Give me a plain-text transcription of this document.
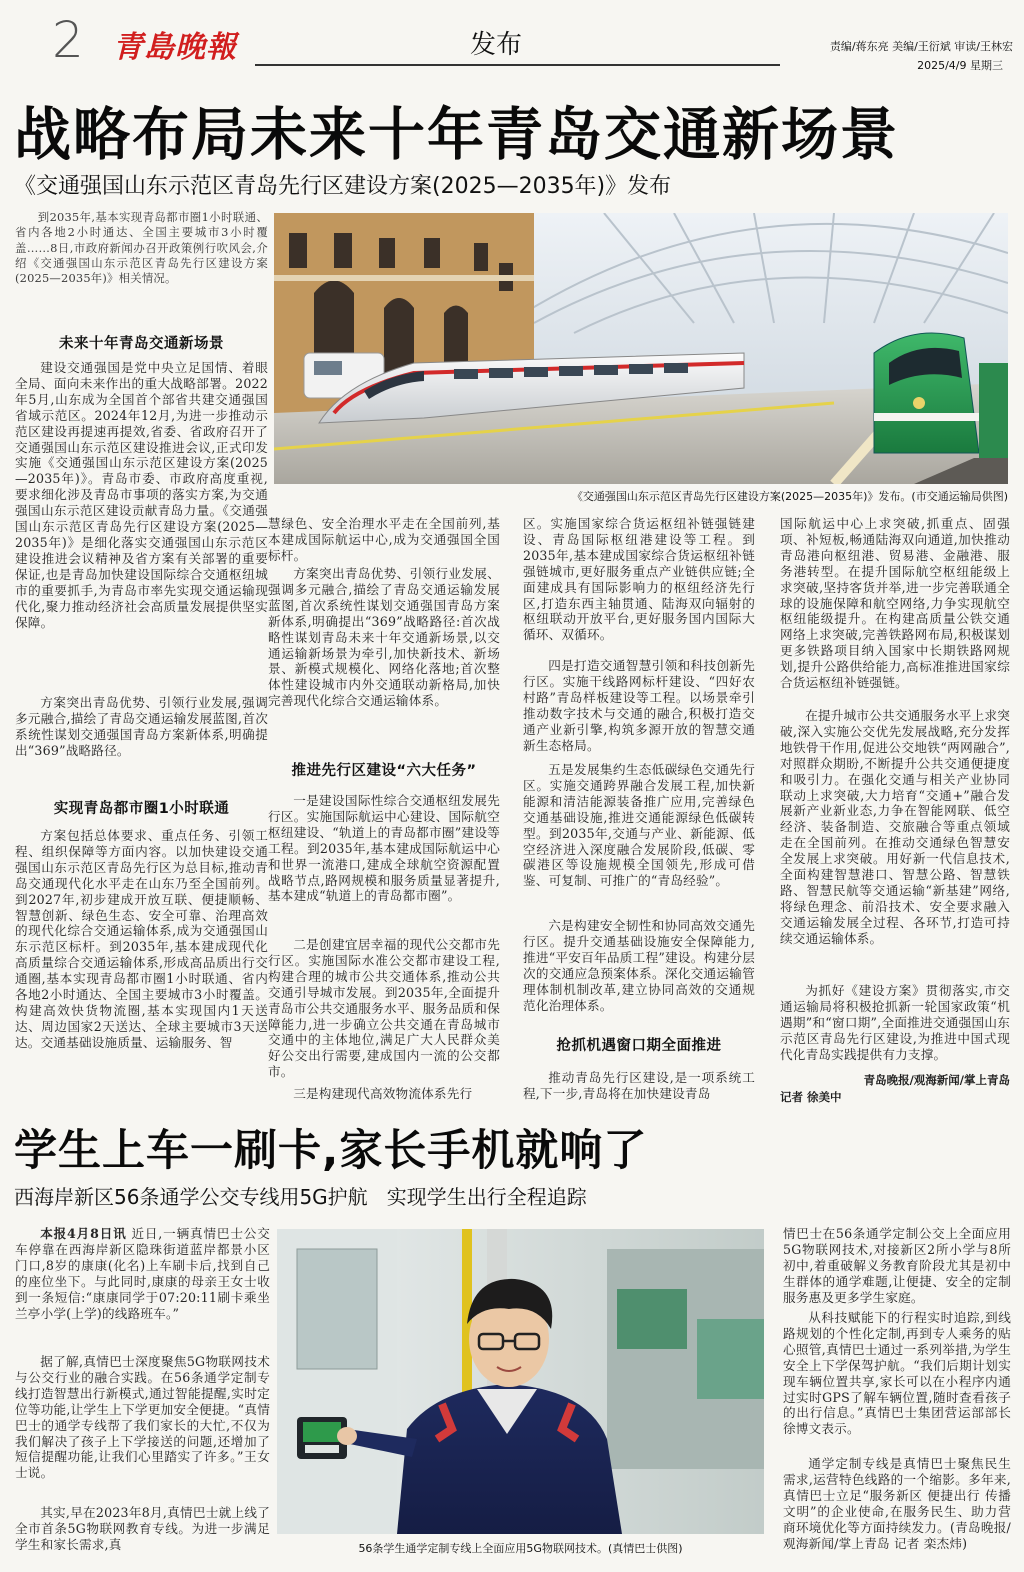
2 青島晚報	发布	责编/蒋东亮 美编/王衍斌 审读/王林宏
2025/4/9 星期三
战略布局未来十年青岛交通新场景
《交通强国山东示范区青岛先行区建设方案(2025—2035年)》发布
到2035年,基本实现青岛都市圈1小时联通、省内各地2小时通达、全国主要城市3小时覆盖……8日,市政府新闻办召开政策例行吹风会,介绍《交通强国山东示范区青岛先行区建设方案(2025—2035年)》相关情况。
未来十年青岛交通新场景
建设交通强国是党中央立足国情、着眼全局、面向未来作出的重大战略部署。2022年5月,山东成为全国首个部省共建交通强国省域示范区。2024年12月,为进一步推动示范区建设再提速再提效,省委、省政府召开了交通强国山东示范区建设推进会议,正式印发实施《交通强国山东示范区建设方案(2025—2035年)》。青岛市委、市政府高度重视,要求细化涉及青岛市事项的落实方案,为交通强国山东示范区建设贡献青岛力量。《交通强国山东示范区青岛先行区建设方案(2025—2035年)》是细化落实交通强国山东示范区建设推进会议精神及省方案有关部署的重要保证,也是青岛加快建设国际综合交通枢纽城市的重要抓手,为青岛市率先实现交通运输现代化,聚力推动经济社会高质量发展提供坚实保障。
方案突出青岛优势、引领行业发展,强调多元融合,描绘了青岛交通运输发展蓝图,首次系统性谋划交通强国青岛方案新体系,明确提出“369”战略路径。
实现青岛都市圈1小时联通
方案包括总体要求、重点任务、引领工程、组织保障等方面内容。以加快建设交通强国山东示范区青岛先行区为总目标,推动青岛交通现代化水平走在山东乃至全国前列。到2027年,初步建成开放互联、便捷顺畅、智慧创新、绿色生态、安全可靠、治理高效的现代化综合交通运输体系,成为交通强国山东示范区标杆。到2035年,基本建成现代化高质量综合交通运输体系,形成高品质出行交通圈,基本实现青岛都市圈1小时联通、省内各地2小时通达、全国主要城市3小时覆盖。构建高效快货物流圈,基本实现国内1天送达、周边国家2天送达、全球主要城市3天送达。交通基础设施质量、运输服务、智
《交通强国山东示范区青岛先行区建设方案(2025—2035年)》发布。(市交通运输局供图)
慧绿色、安全治理水平走在全国前列,基本建成国际航运中心,成为交通强国全国标杆。
方案突出青岛优势、引领行业发展、强调多元融合,描绘了青岛交通运输发展蓝图,首次系统性谋划交通强国青岛方案新体系,明确提出“369”战略路径:首次战略性谋划青岛未来十年交通新场景,以交通运输新场景为牵引,加快新技术、新场景、新模式规模化、网络化落地;首次整体性建设城市内外交通联动新格局,加快完善现代化综合交通运输体系。
推进先行区建设“六大任务”
一是建设国际性综合交通枢纽发展先行区。实施国际航运中心建设、国际航空枢纽建设、“轨道上的青岛都市圈”建设等工程。到2035年,基本建成国际航运中心和世界一流港口,建成全球航空资源配置战略节点,路网规模和服务质量显著提升,基本建成“轨道上的青岛都市圈”。
二是创建宜居幸福的现代公交都市先行区。实施国际水准公交都市建设工程,构建合理的城市公共交通体系,推动公共交通引导城市发展。到2035年,全面提升青岛市公共交通服务水平、服务品质和保障能力,进一步确立公共交通在青岛城市交通中的主体地位,满足广大人民群众美好公交出行需要,建成国内一流的公交都市。
三是构建现代高效物流体系先行
区。实施国家综合货运枢纽补链强链建设、青岛国际枢纽港建设等工程。到2035年,基本建成国家综合货运枢纽补链强链城市,更好服务重点产业链供应链;全面建成具有国际影响力的枢纽经济先行区,打造东西主轴贯通、陆海双向辐射的枢纽联动开放平台,更好服务国内国际大循环、双循环。
四是打造交通智慧引领和科技创新先行区。实施干线路网标杆建设、“四好农村路”青岛样板建设等工程。以场景牵引推动数字技术与交通的融合,积极打造交通产业新引擎,构筑多源开放的智慧交通新生态格局。
五是发展集约生态低碳绿色交通先行区。实施交通跨界融合发展工程,加快新能源和清洁能源装备推广应用,完善绿色交通基础设施,推进交通能源绿色低碳转型。到2035年,交通与产业、新能源、低空经济进入深度融合发展阶段,低碳、零碳港区等设施规模全国领先,形成可借鉴、可复制、可推广的“青岛经验”。
六是构建安全韧性和协同高效交通先行区。提升交通基础设施安全保障能力,推进“平安百年品质工程”建设。构建分层次的交通应急预案体系。深化交通运输管理体制机制改革,建立协同高效的交通规范化治理体系。
抢抓机遇窗口期全面推进
推动青岛先行区建设,是一项系统工程,下一步,青岛将在加快建设青岛
国际航运中心上求突破,抓重点、固强项、补短板,畅通陆海双向通道,加快推动青岛港向枢纽港、贸易港、金融港、服务港转型。在提升国际航空枢纽能级上求突破,坚持客货并举,进一步完善联通全球的设施保障和航空网络,力争实现航空枢纽能级提升。在构建高质量公铁交通网络上求突破,完善铁路网布局,积极谋划更多铁路项目纳入国家中长期铁路网规划,提升公路供给能力,高标准推进国家综合货运枢纽补链强链。
在提升城市公共交通服务水平上求突破,深入实施公交优先发展战略,充分发挥地铁骨干作用,促进公交地铁“两网融合”,对照群众期盼,不断提升公共交通便捷度和吸引力。在强化交通与相关产业协同联动上求突破,大力培育“交通+”融合发展新产业新业态,力争在智能网联、低空经济、装备制造、交旅融合等重点领域走在全国前列。在推动交通绿色智慧安全发展上求突破。用好新一代信息技术,全面构建智慧港口、智慧公路、智慧铁路、智慧民航等交通运输“新基建”网络,将绿色理念、前沿技术、安全要求融入交通运输发展全过程、各环节,打造可持续交通运输体系。
为抓好《建设方案》贯彻落实,市交通运输局将积极抢抓新一轮国家政策“机遇期”和“窗口期”,全面推进交通强国山东示范区青岛先行区建设,为推进中国式现代化青岛实践提供有力支撑。
青岛晚报/观海新闻/掌上青岛
记者 徐美中
学生上车一刷卡,家长手机就响了
西海岸新区56条通学公交专线用5G护航   实现学生出行全程追踪
本报4月8日讯 近日,一辆真情巴士公交车停靠在西海岸新区隐珠街道蓝岸都景小区门口,8岁的康康(化名)上车刷卡后,找到自己的座位坐下。与此同时,康康的母亲王女士收到一条短信:“康康同学于07:20:11刷卡乘坐兰亭小学(上学)的线路班车。”
据了解,真情巴士深度聚焦5G物联网技术与公交行业的融合实践。在56条通学定制专线打造智慧出行新模式,通过智能提醒,实时定位等功能,让学生上下学更加安全便捷。“真情巴士的通学专线帮了我们家长的大忙,不仅为我们解决了孩子上下学接送的问题,还增加了短信提醒功能,让我们心里踏实了许多。”王女士说。
其实,早在2023年8月,真情巴士就上线了全市首条5G物联网教育专线。为进一步满足学生和家长需求,真	56条学生通学定制专线上全面应用5G物联网技术。(真情巴士供图)
情巴士在56条通学定制公交上全面应用5G物联网技术,对接新区2所小学与8所初中,着重破解义务教育阶段尤其是初中生群体的通学难题,让便捷、安全的定制服务惠及更多学生家庭。
从科技赋能下的行程实时追踪,到线路规划的个性化定制,再到专人乘务的贴心照管,真情巴士通过一系列举措,为学生安全上下学保驾护航。“我们后期计划实现车辆位置共享,家长可以在小程序内通过实时GPS了解车辆位置,随时查看孩子的出行信息。”真情巴士集团营运部部长徐博文表示。
通学定制专线是真情巴士聚焦民生需求,运营特色线路的一个缩影。多年来,真情巴士立足“服务新区 便捷出行 传播文明”的企业使命,在服务民生、助力营商环境优化等方面持续发力。(青岛晚报/观海新闻/掌上青岛 记者 栾杰炜)
